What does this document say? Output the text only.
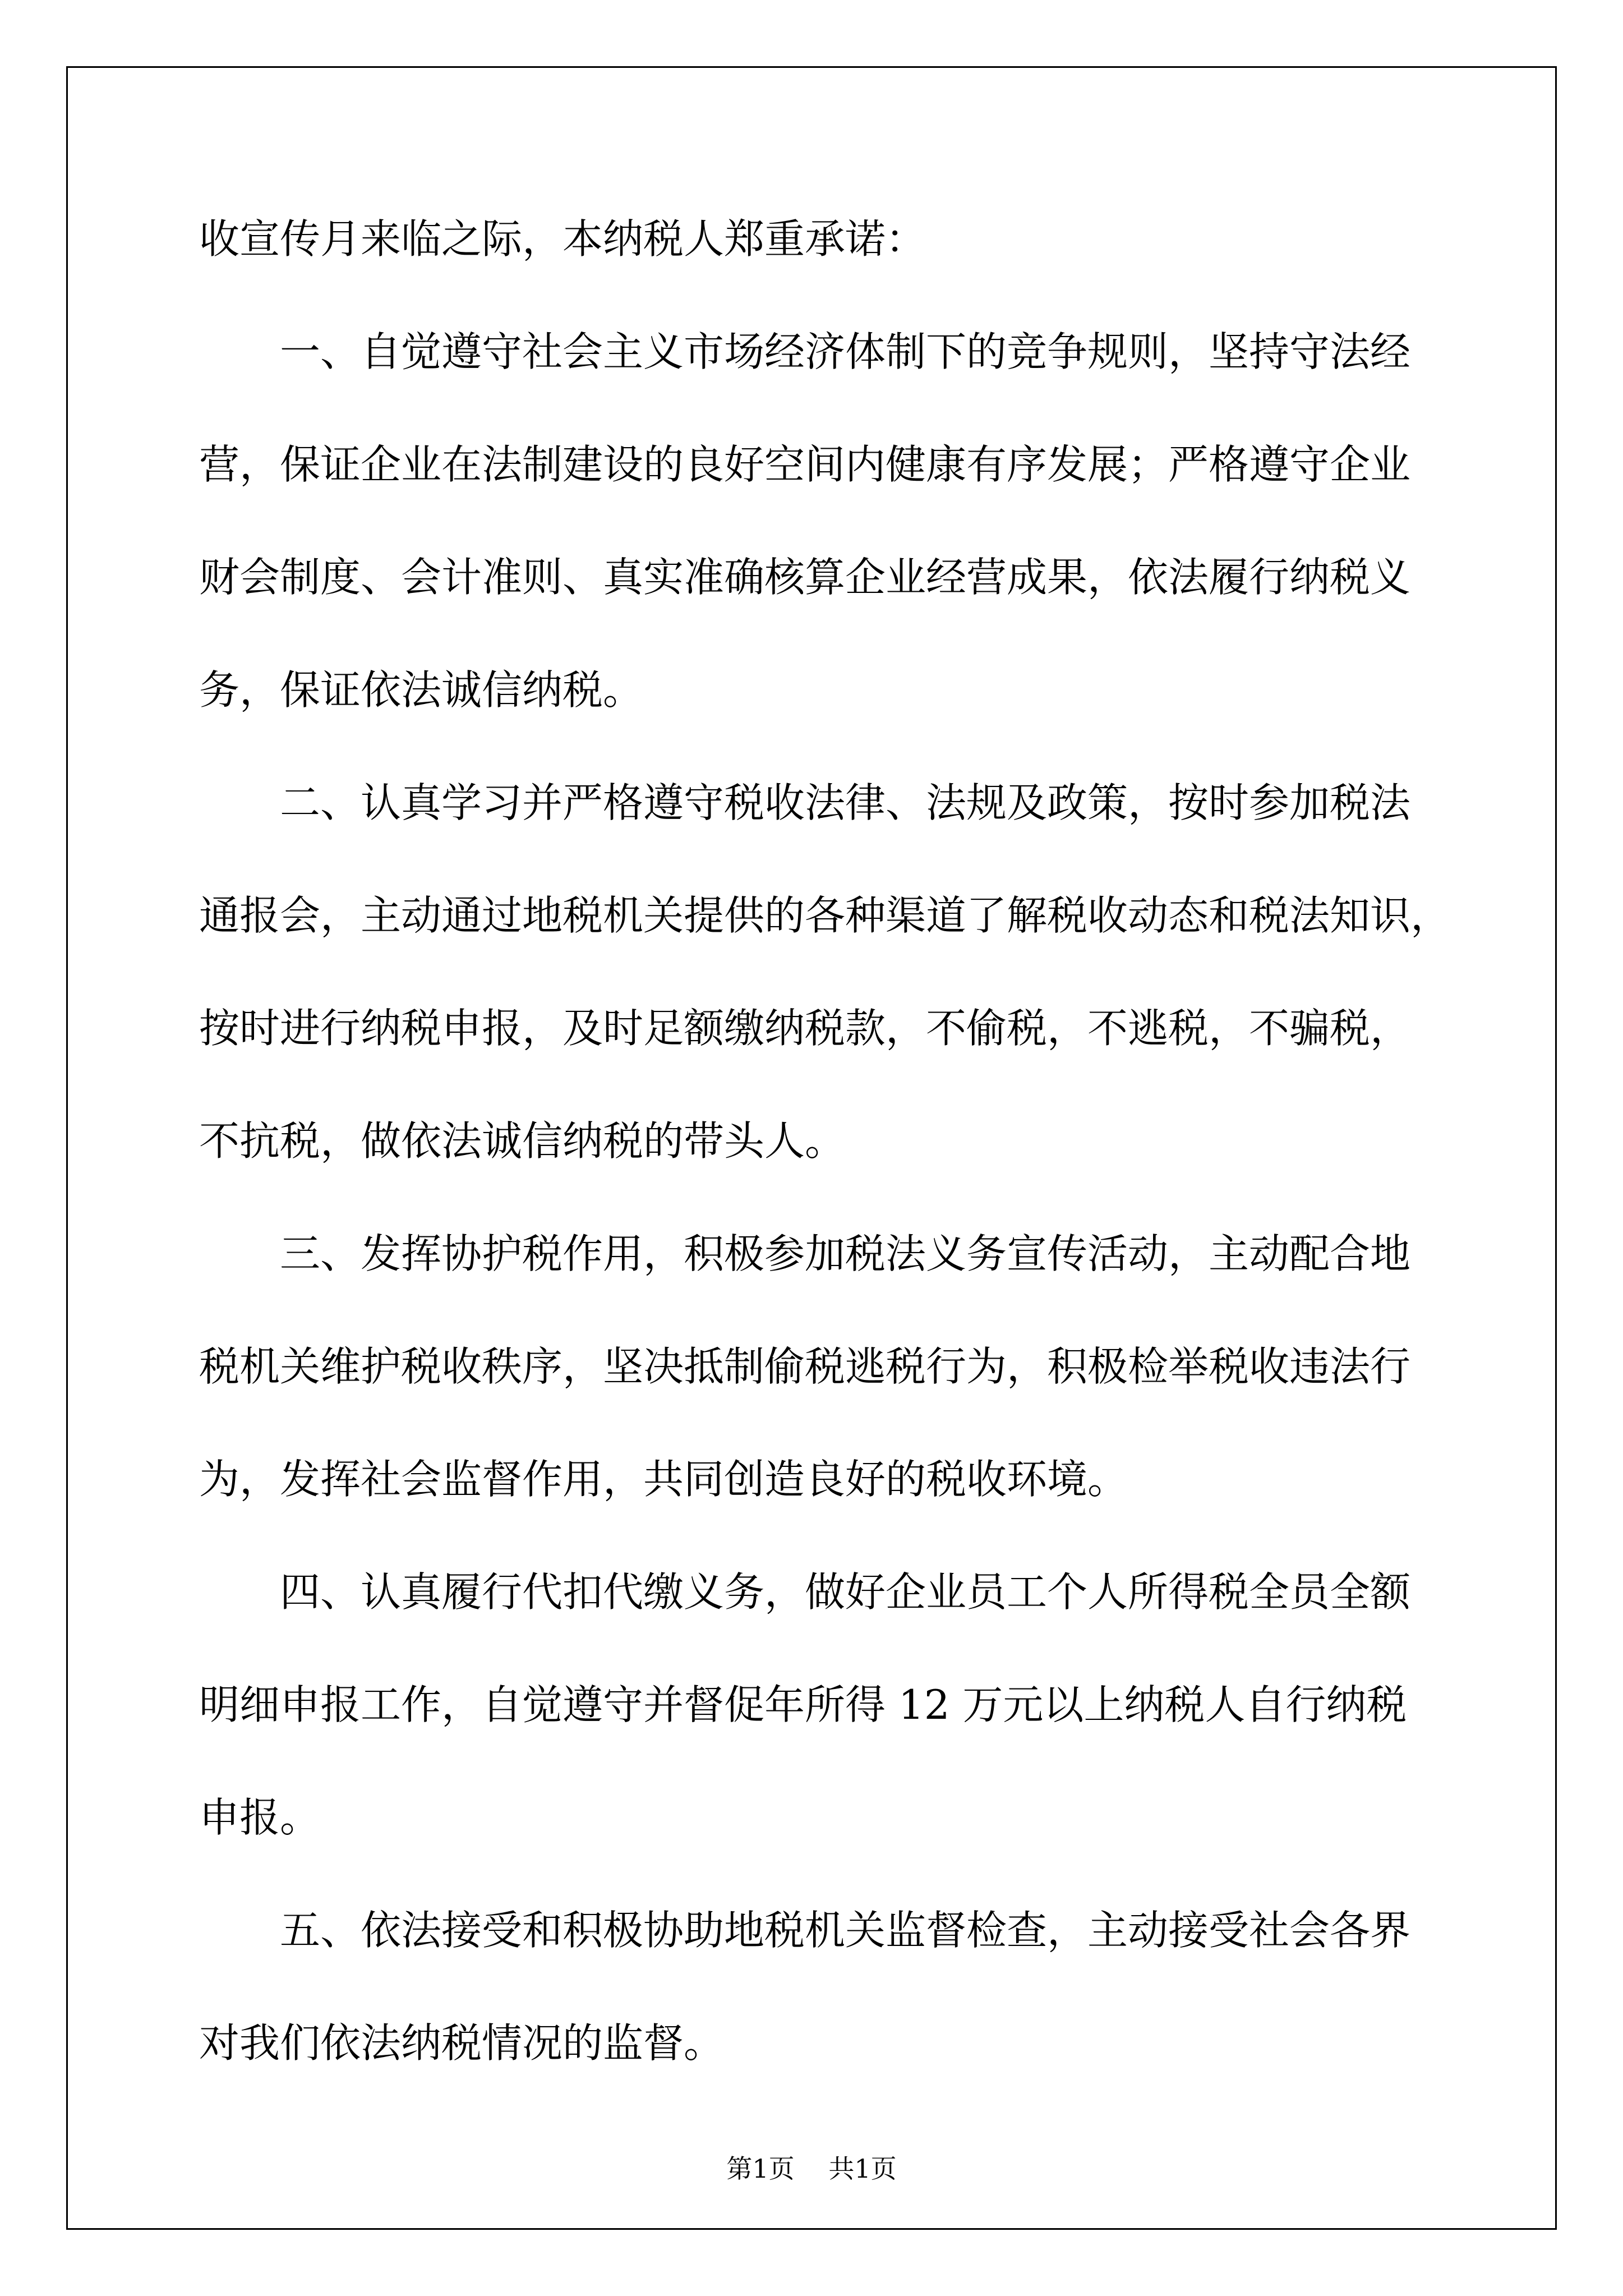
收宣传月来临之际，本纳税人郑重承诺：
一、自觉遵守社会主义市场经济体制下的竞争规则，坚持守法经
营，保证企业在法制建设的良好空间内健康有序发展；严格遵守企业
财会制度、会计准则、真实准确核算企业经营成果，依法履行纳税义
务，保证依法诚信纳税。
二、认真学习并严格遵守税收法律、法规及政策，按时参加税法
通报会，主动通过地税机关提供的各种渠道了解税收动态和税法知识，
按时进行纳税申报，及时足额缴纳税款，不偷税，不逃税，不骗税，
不抗税，做依法诚信纳税的带头人。
三、发挥协护税作用，积极参加税法义务宣传活动，主动配合地
税机关维护税收秩序，坚决抵制偷税逃税行为，积极检举税收违法行
为，发挥社会监督作用，共同创造良好的税收环境。
四、认真履行代扣代缴义务，做好企业员工个人所得税全员全额
明细申报工作，自觉遵守并督促年所得 12 万元以上纳税人自行纳税
申报。
五、依法接受和积极协助地税机关监督检查，主动接受社会各界
对我们依法纳税情况的监督。
第1页 共1页
